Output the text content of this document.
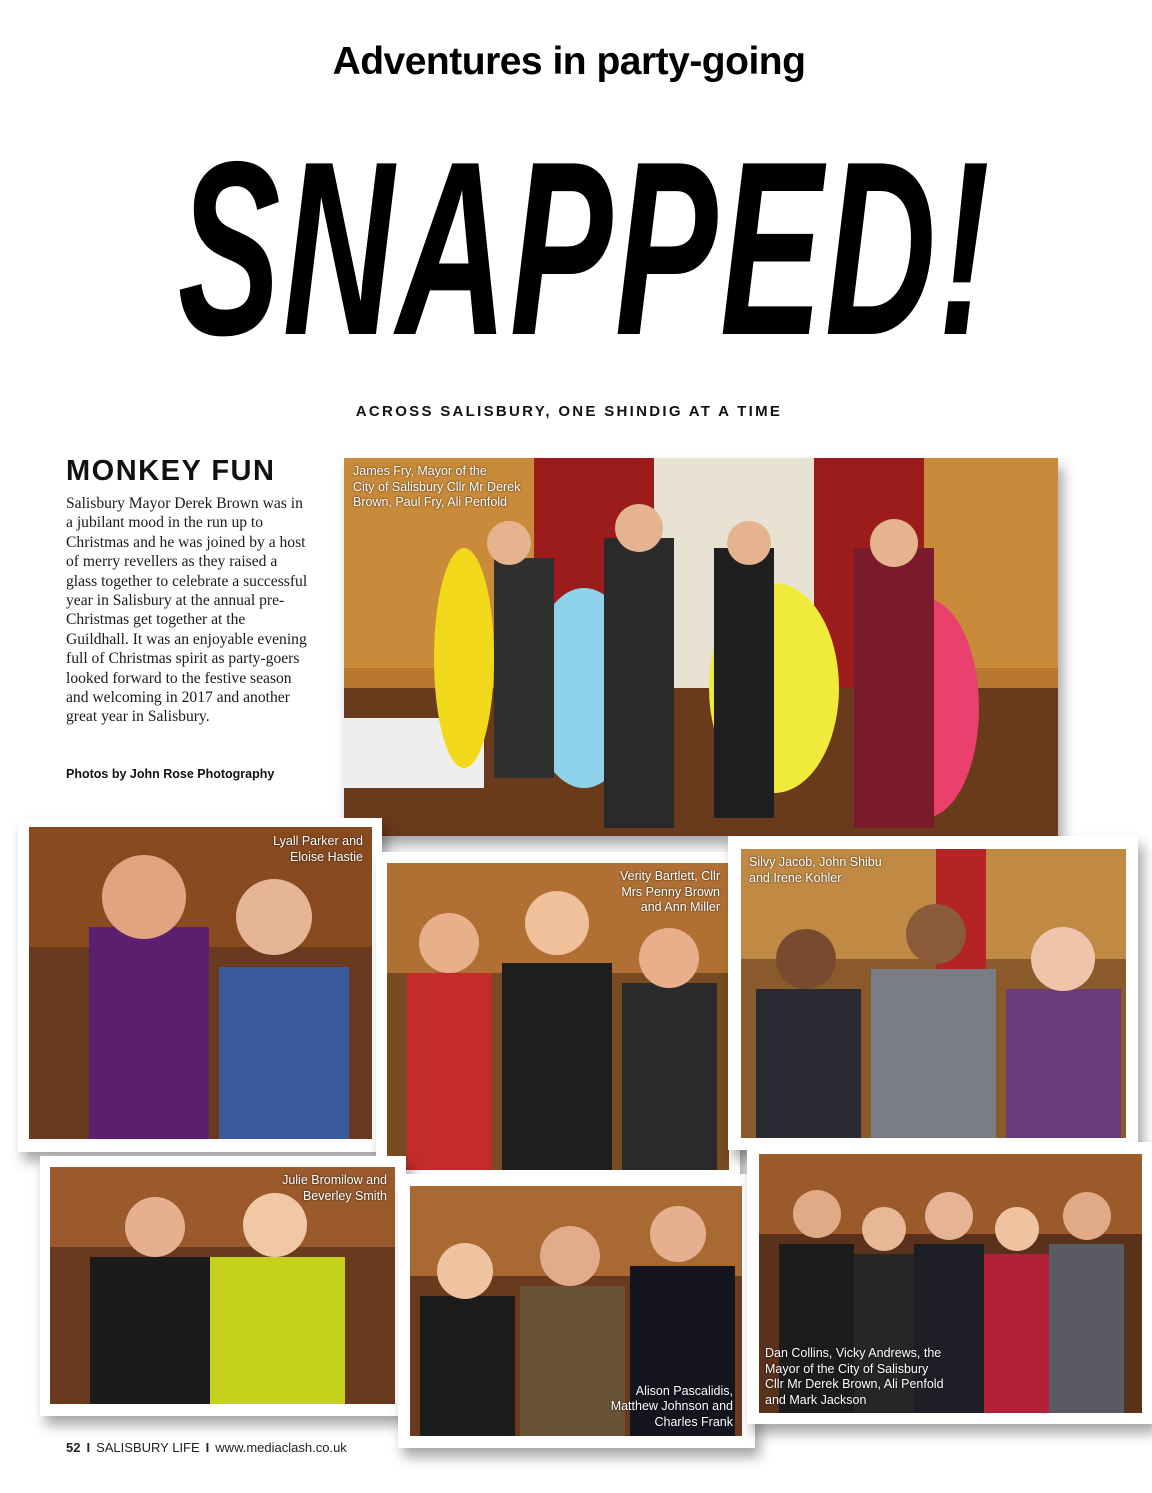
Adventures in party-going
SNAPPED!
ACROSS SALISBURY, ONE SHINDIG AT A TIME
MONKEY FUN
Salisbury Mayor Derek Brown was in a jubilant mood in the run up to Christmas and he was joined by a host of merry revellers as they raised a glass together to celebrate a successful year in Salisbury at the annual pre-Christmas get together at the Guildhall. It was an enjoyable evening full of Christmas spirit as party-goers looked forward to the festive season and welcoming in 2017 and another great year in Salisbury.
Photos by John Rose Photography
James Fry, Mayor of the
City of Salisbury Cllr Mr Derek
Brown, Paul Fry, Ali Penfold
Lyall Parker and
Eloise Hastie
Verity Bartlett, Cllr
Mrs Penny Brown
and Ann Miller
Silvy Jacob, John Shibu
and Irene Kohler
Julie Bromilow and
Beverley Smith
Alison Pascalidis,
Matthew Johnson and
Charles Frank
Dan Collins, Vicky Andrews, the
Mayor of the City of Salisbury
Cllr Mr Derek Brown, Ali Penfold
and Mark Jackson
52 I SALISBURY LIFE I www.mediaclash.co.uk
